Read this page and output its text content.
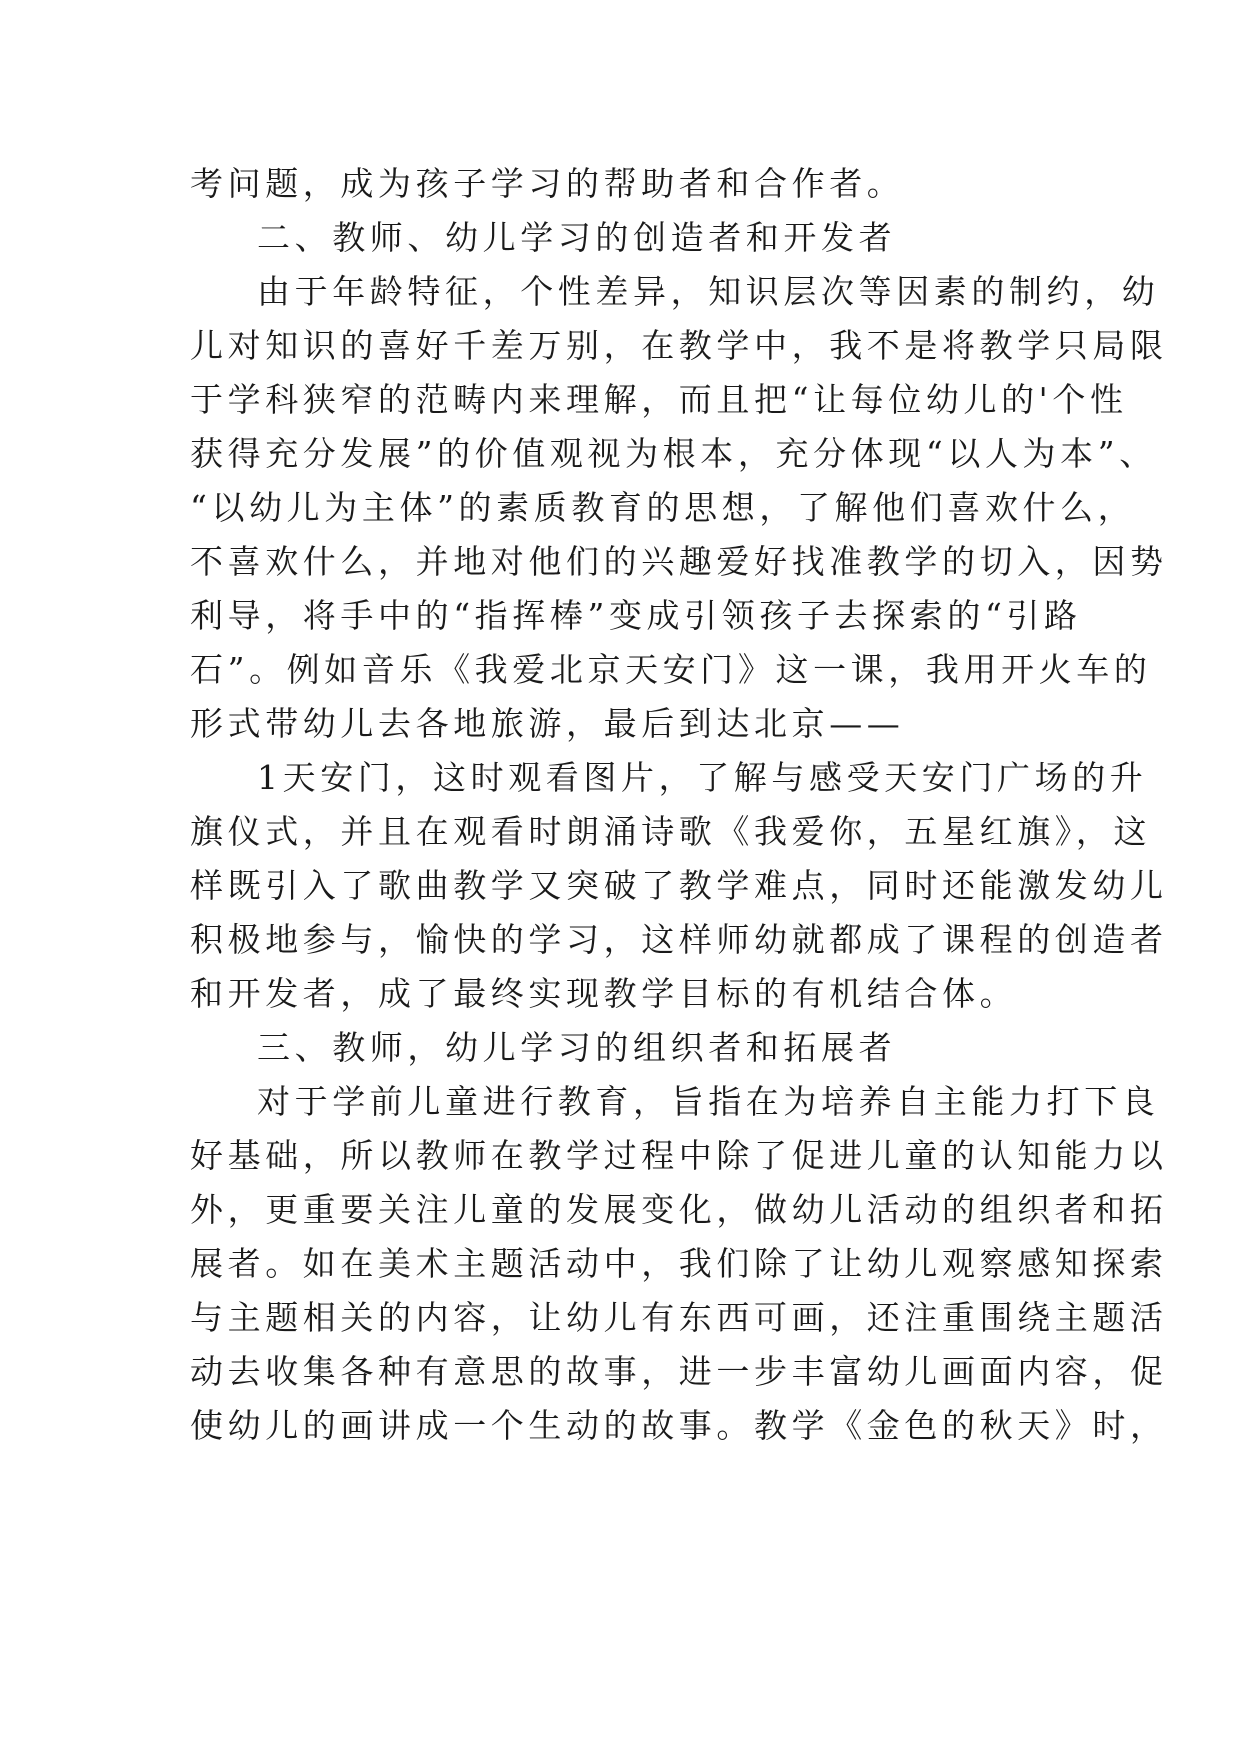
考问题，成为孩子学习的帮助者和合作者。
二、教师、幼儿学习的创造者和开发者
由于年龄特征，个性差异，知识层次等因素的制约，幼
儿对知识的喜好千差万别，在教学中，我不是将教学只局限
于学科狭窄的范畴内来理解，而且把“让每位幼儿的'个性
获得充分发展”的价值观视为根本，充分体现“以人为本”、
“以幼儿为主体”的素质教育的思想，了解他们喜欢什么，
不喜欢什么，并地对他们的兴趣爱好找准教学的切入，因势
利导，将手中的“指挥棒”变成引领孩子去探索的“引路
石”。例如音乐《我爱北京天安门》这一课，我用开火车的
形式带幼儿去各地旅游，最后到达北京——
1天安门，这时观看图片，了解与感受天安门广场的升
旗仪式，并且在观看时朗涌诗歌《我爱你，五星红旗》，这
样既引入了歌曲教学又突破了教学难点，同时还能激发幼儿
积极地参与，愉快的学习，这样师幼就都成了课程的创造者
和开发者，成了最终实现教学目标的有机结合体。
三、教师，幼儿学习的组织者和拓展者
对于学前儿童进行教育，旨指在为培养自主能力打下良
好基础，所以教师在教学过程中除了促进儿童的认知能力以
外，更重要关注儿童的发展变化，做幼儿活动的组织者和拓
展者。如在美术主题活动中，我们除了让幼儿观察感知探索
与主题相关的内容，让幼儿有东西可画，还注重围绕主题活
动去收集各种有意思的故事，进一步丰富幼儿画面内容，促
使幼儿的画讲成一个生动的故事。教学《金色的秋天》时，
